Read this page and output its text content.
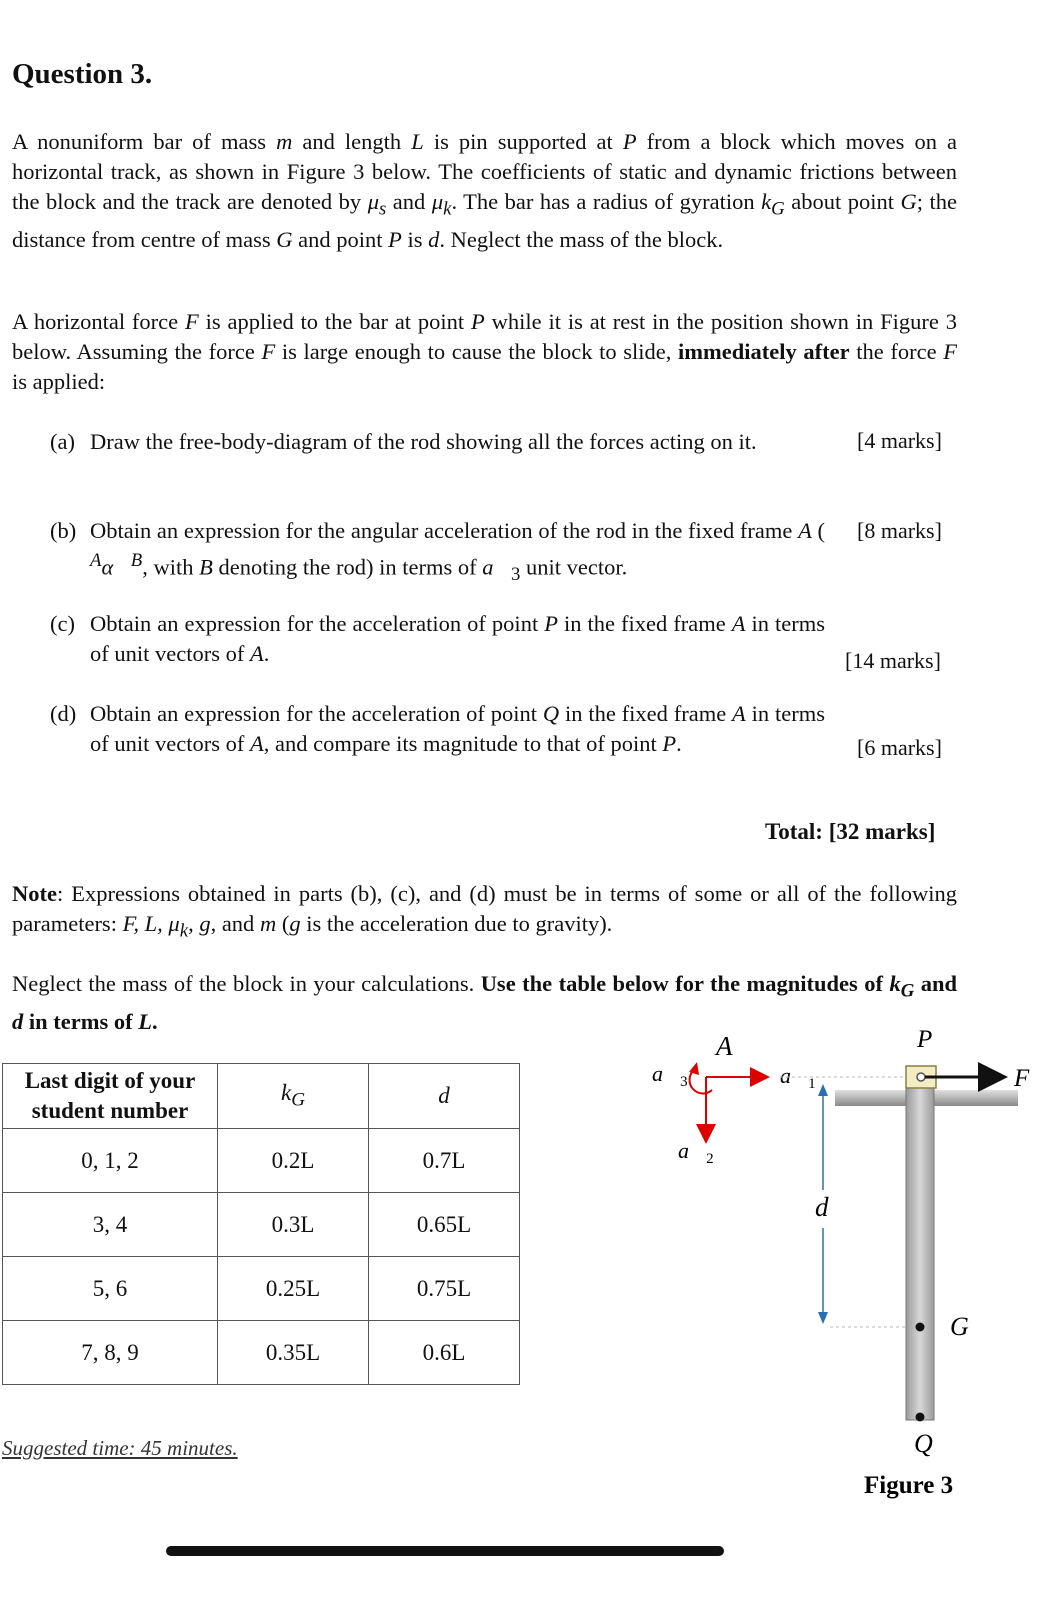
Question 3.
A nonuniform bar of mass m and length L is pin supported at P from a block which moves on a horizontal track, as shown in Figure 3 below. The coefficients of static and dynamic frictions between the block and the track are denoted by $\mu_s$ and $\mu_k$. The bar has a radius of gyration $k_G$ about point G; the distance from centre of mass G and point P is d. Neglect the mass of the block.
A horizontal force F is applied to the bar at point P while it is at rest in the position shown in Figure 3 below. Assuming the force F is large enough to cause the block to slide, immediately after the force F is applied:
(a) Draw the free-body-diagram of the rod showing all the forces acting on it.	[4 marks]
(b) Obtain an expression for the angular acceleration of the rod in the fixed frame A ( $^A$α⃗$^B$, with B denoting the rod) in terms of $a⃗_3$ unit vector.
[8 marks]
(c) Obtain an expression for the acceleration of point P in the fixed frame A in terms of unit vectors of A.	[14 marks]
(d) Obtain an expression for the acceleration of point Q in the fixed frame A in terms of unit vectors of A, and compare its magnitude to that of point P.	[6 marks]
Total: [32 marks]
Note: Expressions obtained in parts (b), (c), and (d) must be in terms of some or all of the following parameters: F, L, $\mu_k$, g, and m (g is the acceleration due to gravity).
Neglect the mass of the block in your calculations. Use the table below for the magnitudes of $k_G$ and d in terms of L.
Last digit of your student number	$k_G$	d
0, 1, 2	0.2L	0.7L
3, 4	0.3L	0.65L
5, 6	0.25L	0.75L
7, 8, 9	0.35L	0.6L
Suggested time: 45 minutes.
A
$a⃗_1$
$a⃗_3$
$a⃗_2$
P
F
d
G
Q
Figure 3
